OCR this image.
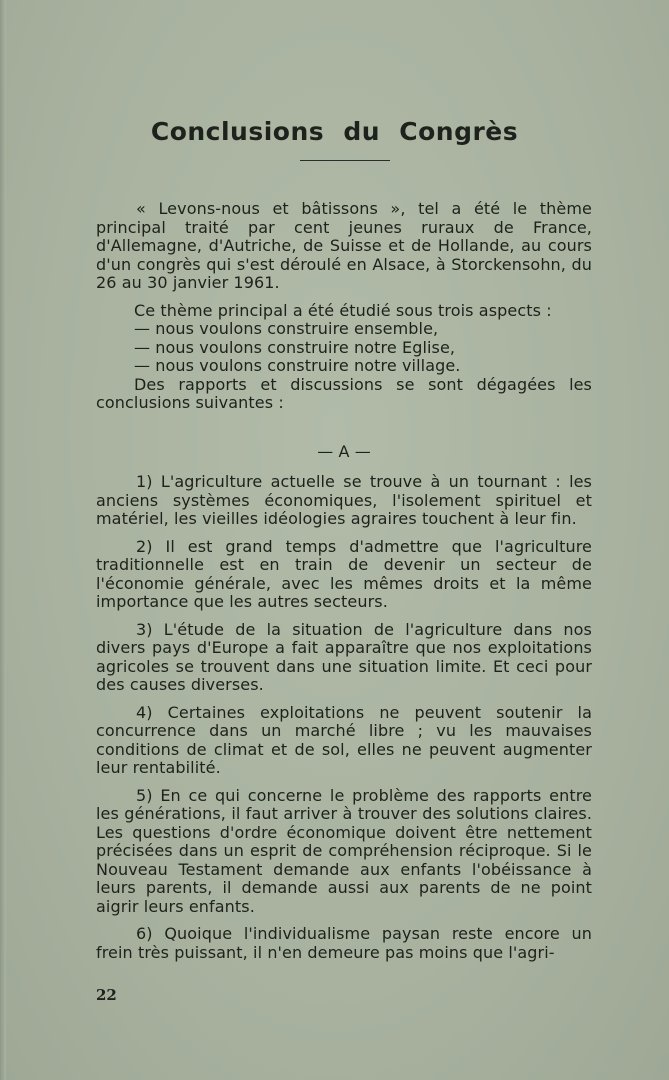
Conclusions du Congrès

« Levons-nous et bâtissons », tel a été le thème principal traité par cent jeunes ruraux de France, d'Allemagne, d'Autriche, de Suisse et de Hollande, au cours d'un congrès qui s'est déroulé en Alsace, à Storckensohn, du 26 au 30 janvier 1961.

Ce thème principal a été étudié sous trois aspects :

— nous voulons construire ensemble,

— nous voulons construire notre Eglise,

— nous voulons construire notre village.

Des rapports et discussions se sont dégagées les conclusions suivantes :

— A —

1) L'agriculture actuelle se trouve à un tournant : les anciens systèmes économiques, l'isolement spirituel et matériel, les vieilles idéologies agraires touchent à leur fin.

2) Il est grand temps d'admettre que l'agriculture traditionnelle est en train de devenir un secteur de l'économie générale, avec les mêmes droits et la même importance que les autres secteurs.

3) L'étude de la situation de l'agriculture dans nos divers pays d'Europe a fait apparaître que nos exploitations agricoles se trouvent dans une situation limite. Et ceci pour des causes diverses.

4) Certaines exploitations ne peuvent soutenir la concurrence dans un marché libre ; vu les mauvaises conditions de climat et de sol, elles ne peuvent augmenter leur rentabilité.

5) En ce qui concerne le problème des rapports entre les générations, il faut arriver à trouver des solutions claires. Les questions d'ordre économique doivent être nettement précisées dans un esprit de compréhension réciproque. Si le Nouveau Testament demande aux enfants l'obéissance à leurs parents, il demande aussi aux parents de ne point aigrir leurs enfants.

6) Quoique l'individualisme paysan reste encore un frein très puissant, il n'en demeure pas moins que l'agri-

22
